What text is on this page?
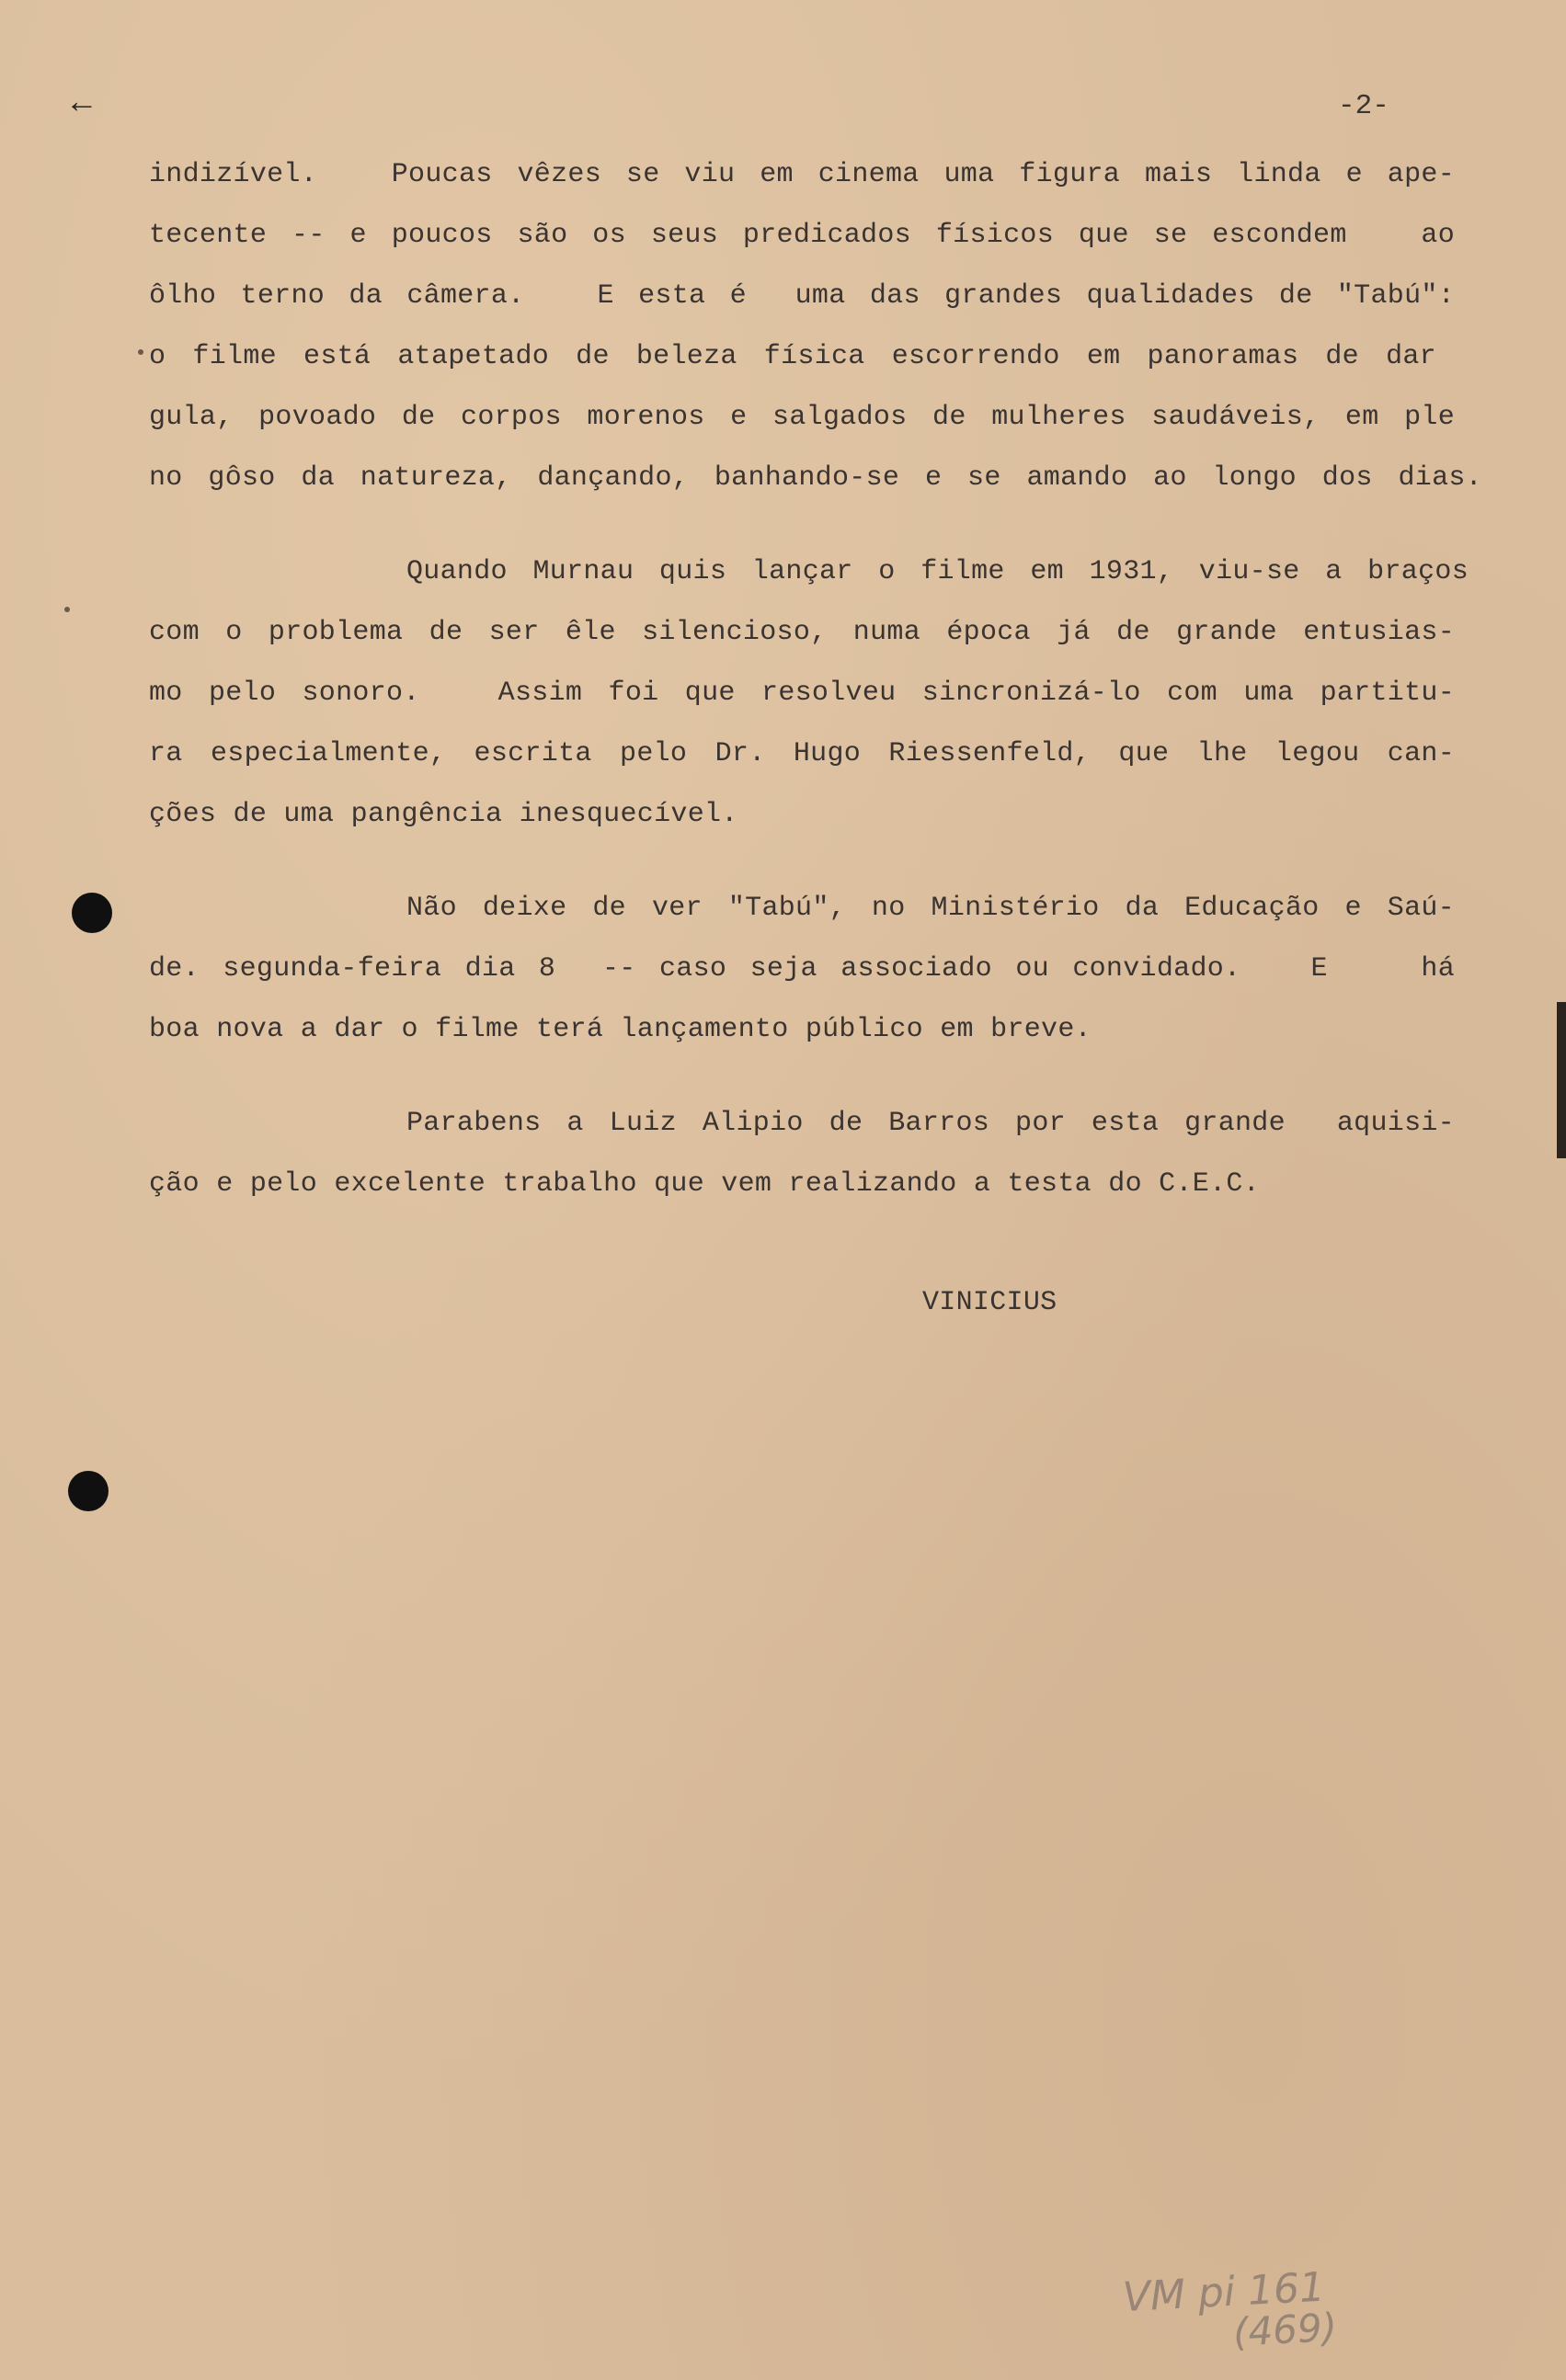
←	-2-
indizível.   Poucas vêzes se viu em cinema uma figura mais linda e ape-
tecente -- e poucos são os seus predicados físicos que se escondem   ao
ôlho terno da câmera.   E esta é  uma das grandes qualidades de "Tabú":
o filme está atapetado de beleza física escorrendo em panoramas de dar
gula, povoado de corpos morenos e salgados de mulheres saudáveis, em ple
no gôso da natureza, dançando, banhando-se e se amando ao longo dos dias.
Quando Murnau quis lançar o filme em 1931, viu-se a braços
com o problema de ser êle silencioso, numa época já de grande entusias-
mo pelo sonoro.   Assim foi que resolveu sincronizá-lo com uma partitu-
ra especialmente, escrita pelo Dr. Hugo Riessenfeld, que lhe legou can-
ções de uma pangência inesquecível.
Não deixe de ver "Tabú", no Ministério da Educação e Saú-
de. segunda-feira dia 8  -- caso seja associado ou convidado.   E    há
boa nova a dar o filme terá lançamento público em breve.
Parabens a Luiz Alipio de Barros por esta grande  aquisi-
ção e pelo excelente trabalho que vem realizando a testa do C.E.C.
VINICIUS
VM pi 161
(469)
